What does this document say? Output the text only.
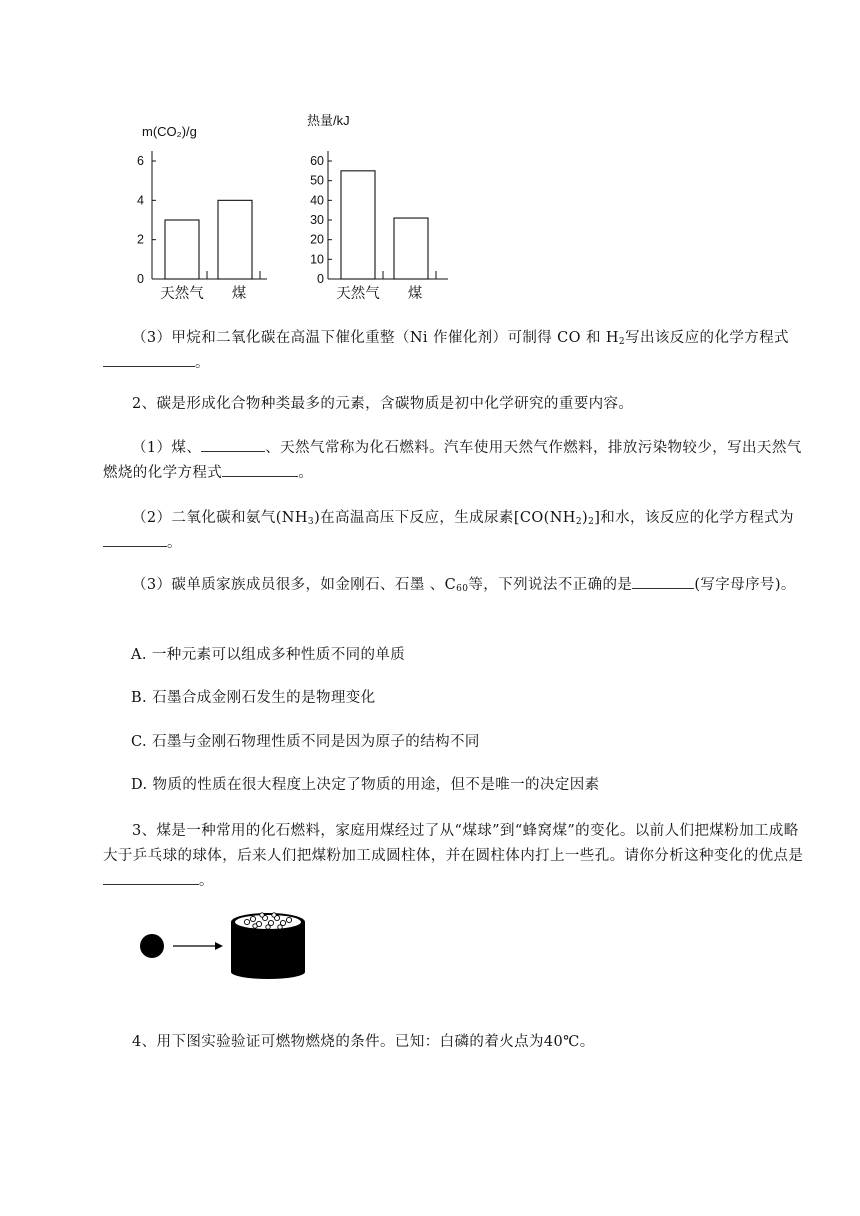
m(CO₂)/g
0
2
4
6
天然气 煤
热量/kJ
0
10
20
30
40
50
60
天然气 煤

（3）甲烷和二氧化碳在高温下催化重整（Ni 作催化剂）可制得 CO 和 $H_2$写出该反应的化学方程式 。

2、碳是形成化合物种类最多的元素，含碳物质是初中化学研究的重要内容。

（1）煤、	、天然气常称为化石燃料。汽车使用天然气作燃料，排放污染物较少，写出天然气燃烧的化学方程式	。

（2）二氧化碳和氨气$(NH_3)$在高温高压下反应，生成尿素$[CO(NH_2)_2]$和水，该反应的化学方程式为。

（3）碳单质家族成员很多，如金刚石、石墨 、$C_{60}$等，下列说法不正确的是	(写字母序号)。

A. 一种元素可以组成多种性质不同的单质

B. 石墨合成金刚石发生的是物理变化

C. 石墨与金刚石物理性质不同是因为原子的结构不同

D. 物质的性质在很大程度上决定了物质的用途，但不是唯一的决定因素

3、煤是一种常用的化石燃料，家庭用煤经过了从“煤球”到“蜂窝煤”的变化。以前人们把煤粉加工成略大于乒乓球的球体，后来人们把煤粉加工成圆柱体，并在圆柱体内打上一些孔。请你分析这种变化的优点是。

4、用下图实验验证可燃物燃烧的条件。已知：白磷的着火点为40℃。
